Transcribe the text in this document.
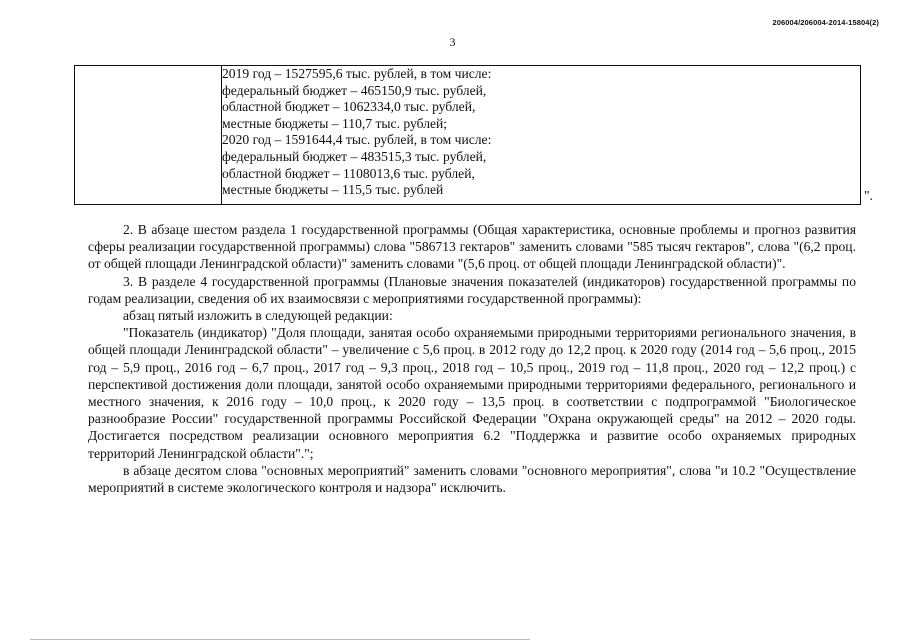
206004/206004-2014-15804(2)
3

2019 год – 1527595,6 тыс. рублей, в том числе:
федеральный бюджет – 465150,9 тыс. рублей,
областной бюджет – 1062334,0 тыс. рублей,
местные бюджеты – 110,7 тыс. рублей;
2020 год – 1591644,4 тыс. рублей, в том числе:
федеральный бюджет – 483515,3 тыс. рублей,
областной бюджет – 1108013,6 тыс. рублей,
местные бюджеты – 115,5 тыс. рублей	".

2. В абзаце шестом раздела 1 государственной программы (Общая характеристика, основные проблемы и прогноз развития сферы реализации государственной программы) слова "586713 гектаров" заменить словами "585 тысяч гектаров", слова "(6,2 проц. от общей площади Ленинградской области)" заменить словами "(5,6 проц. от общей площади Ленинградской области)".

3. В разделе 4 государственной программы (Плановые значения показателей (индикаторов) государственной программы по годам реализации, сведения об их взаимосвязи с мероприятиями государственной программы):

абзац пятый изложить в следующей редакции:

"Показатель (индикатор) "Доля площади, занятая особо охраняемыми природными территориями регионального значения, в общей площади Ленинградской области" – увеличение с 5,6 проц. в 2012 году до 12,2 проц. к 2020 году (2014 год – 5,6 проц., 2015 год – 5,9 проц., 2016 год – 6,7 проц., 2017 год – 9,3 проц., 2018 год – 10,5 проц., 2019 год – 11,8 проц., 2020 год – 12,2 проц.) с перспективой достижения доли площади, занятой особо охраняемыми природными территориями федерального, регионального и местного значения, к 2016 году – 10,0 проц., к 2020 году – 13,5 проц. в соответствии с подпрограммой "Биологическое разнообразие России" государственной программы Российской Федерации "Охрана окружающей среды" на 2012 – 2020 годы. Достигается посредством реализации основного мероприятия 6.2 "Поддержка и развитие особо охраняемых природных территорий Ленинградской области".";

в абзаце десятом слова "основных мероприятий" заменить словами "основного мероприятия", слова "и 10.2 "Осуществление мероприятий в системе экологического контроля и надзора" исключить.
